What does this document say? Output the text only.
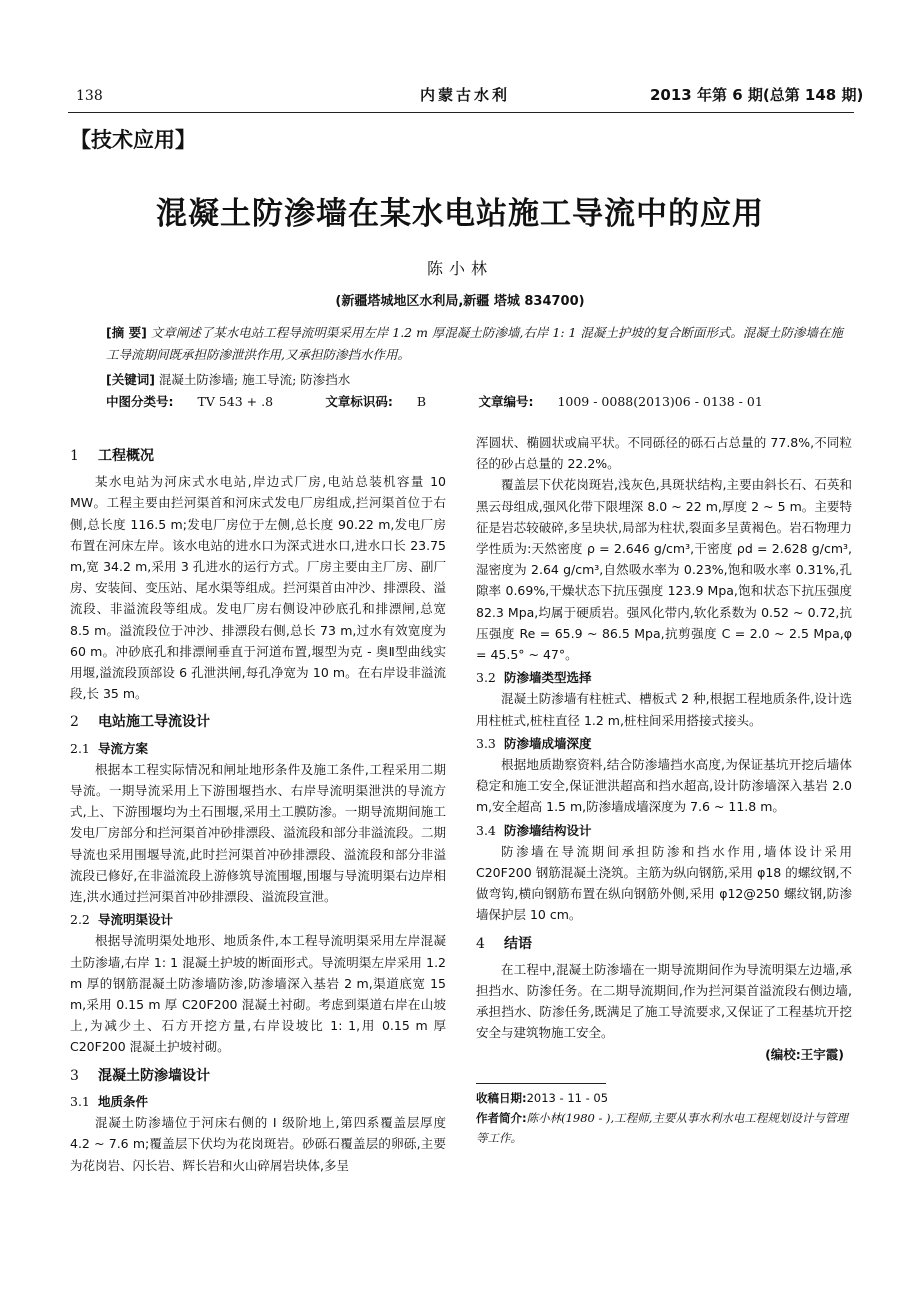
138	内蒙古水利	2013 年第 6 期(总第 148 期)
【技术应用】
混凝土防渗墙在某水电站施工导流中的应用
陈小林
(新疆塔城地区水利局,新疆 塔城 834700)
[摘 要] 文章阐述了某水电站工程导流明渠采用左岸 1.2 m 厚混凝土防渗墙,右岸 1: 1 混凝土护坡的复合断面形式。混凝土防渗墙在施工导流期间既承担防渗泄洪作用,又承担防渗挡水作用。
[关键词] 混凝土防渗墙; 施工导流; 防渗挡水
中图分类号: TV 543 + .8	文章标识码: B	文章编号: 1009 - 0088(2013)06 - 0138 - 01
1 工程概况

某水电站为河床式水电站,岸边式厂房,电站总装机容量 10 MW。工程主要由拦河渠首和河床式发电厂房组成,拦河渠首位于右侧,总长度 116.5 m;发电厂房位于左侧,总长度 90.22 m,发电厂房布置在河床左岸。该水电站的进水口为深式进水口,进水口长 23.75 m,宽 34.2 m,采用 3 孔进水的运行方式。厂房主要由主厂房、副厂房、安装间、变压站、尾水渠等组成。拦河渠首由冲沙、排漂段、溢流段、非溢流段等组成。发电厂房右侧设冲砂底孔和排漂闸,总宽 8.5 m。溢流段位于冲沙、排漂段右侧,总长 73 m,过水有效宽度为 60 m。冲砂底孔和排漂闸垂直于河道布置,堰型为克 - 奥Ⅱ型曲线实用堰,溢流段顶部设 6 孔泄洪闸,每孔净宽为 10 m。在右岸设非溢流段,长 35 m。

2 电站施工导流设计
2.1 导流方案

根据本工程实际情况和闸址地形条件及施工条件,工程采用二期导流。一期导流采用上下游围堰挡水、右岸导流明渠泄洪的导流方式,上、下游围堰均为土石围堰,采用土工膜防渗。一期导流期间施工发电厂房部分和拦河渠首冲砂排漂段、溢流段和部分非溢流段。二期导流也采用围堰导流,此时拦河渠首冲砂排漂段、溢流段和部分非溢流段已修好,在非溢流段上游修筑导流围堰,围堰与导流明渠右边岸相连,洪水通过拦河渠首冲砂排漂段、溢流段宣泄。

2.2 导流明渠设计

根据导流明渠处地形、地质条件,本工程导流明渠采用左岸混凝土防渗墙,右岸 1: 1 混凝土护坡的断面形式。导流明渠左岸采用 1.2 m 厚的钢筋混凝土防渗墙防渗,防渗墙深入基岩 2 m,渠道底宽 15 m,采用 0.15 m 厚 C20F200 混凝土衬砌。考虑到渠道右岸在山坡上,为减少土、石方开挖方量,右岸设坡比 1: 1,用 0.15 m 厚 C20F200 混凝土护坡衬砌。

3 混凝土防渗墙设计
3.1 地质条件

混凝土防渗墙位于河床右侧的 Ⅰ 级阶地上,第四系覆盖层厚度 4.2 ~ 7.6 m;覆盖层下伏均为花岗斑岩。砂砾石覆盖层的卵砾,主要为花岗岩、闪长岩、辉长岩和火山碎屑岩块体,多呈

浑圆状、椭圆状或扁平状。不同砾径的砾石占总量的 77.8%,不同粒径的砂占总量的 22.2%。

覆盖层下伏花岗斑岩,浅灰色,具斑状结构,主要由斜长石、石英和黑云母组成,强风化带下限埋深 8.0 ~ 22 m,厚度 2 ~ 5 m。主要特征是岩芯较破碎,多呈块状,局部为柱状,裂面多呈黄褐色。岩石物理力学性质为:天然密度 ρ = 2.646 g/cm³,干密度 ρd = 2.628 g/cm³,湿密度为 2.64 g/cm³,自然吸水率为 0.23%,饱和吸水率 0.31%,孔隙率 0.69%,干燥状态下抗压强度 123.9 Mpa,饱和状态下抗压强度 82.3 Mpa,均属于硬质岩。强风化带内,软化系数为 0.52 ~ 0.72,抗压强度 Re = 65.9 ~ 86.5 Mpa,抗剪强度 C = 2.0 ~ 2.5 Mpa,φ = 45.5° ~ 47°。

3.2 防渗墙类型选择

混凝土防渗墙有柱桩式、槽板式 2 种,根据工程地质条件,设计选用柱桩式,桩柱直径 1.2 m,桩柱间采用搭接式接头。

3.3 防渗墙成墙深度

根据地质勘察资料,结合防渗墙挡水高度,为保证基坑开挖后墙体稳定和施工安全,保证泄洪超高和挡水超高,设计防渗墙深入基岩 2.0 m,安全超高 1.5 m,防渗墙成墙深度为 7.6 ~ 11.8 m。

3.4 防渗墙结构设计

防渗墙在导流期间承担防渗和挡水作用,墙体设计采用 C20F200 钢筋混凝土浇筑。主筋为纵向钢筋,采用 φ18 的螺纹钢,不做弯钩,横向钢筋布置在纵向钢筋外侧,采用 φ12@250 螺纹钢,防渗墙保护层 10 cm。

4 结语

在工程中,混凝土防渗墙在一期导流期间作为导流明渠左边墙,承担挡水、防渗任务。在二期导流期间,作为拦河渠首溢流段右侧边墙,承担挡水、防渗任务,既满足了施工导流要求,又保证了工程基坑开挖安全与建筑物施工安全。

(编校:王宇霞)
收稿日期:2013 - 11 - 05
作者简介:陈小林(1980 - ),工程师,主要从事水利水电工程规划设计与管理等工作。
